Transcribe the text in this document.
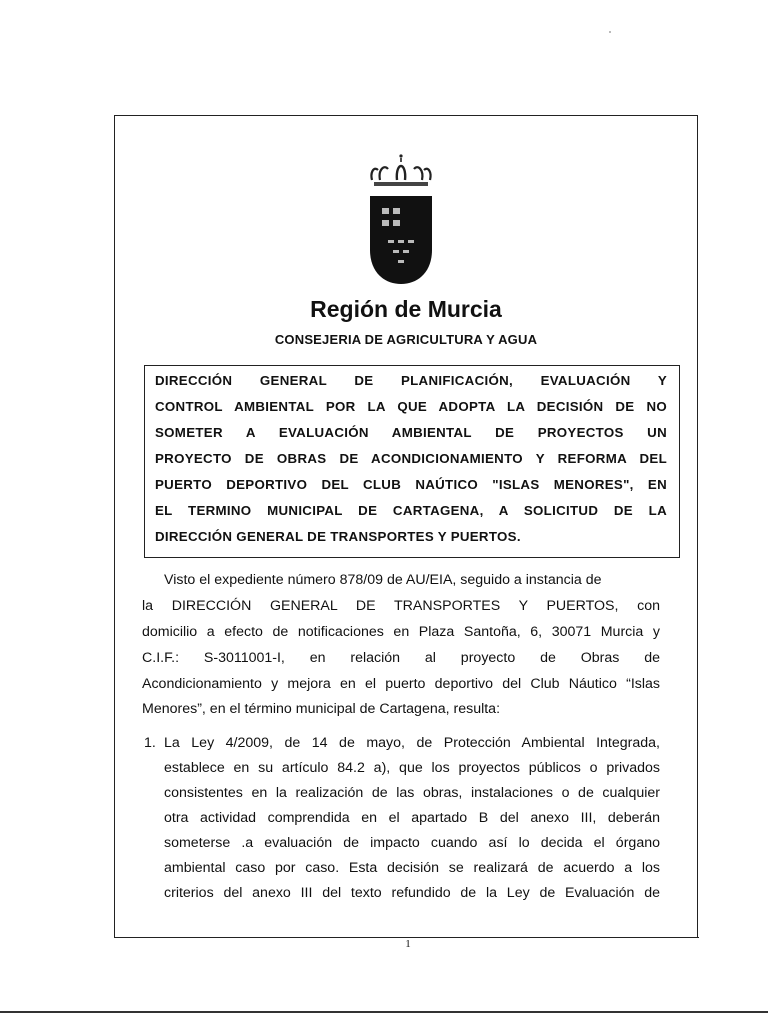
Región de Murcia
CONSEJERIA DE AGRICULTURA Y AGUA
DIRECCIÓN GENERAL DE PLANIFICACIÓN, EVALUACIÓN Y
CONTROL AMBIENTAL POR LA QUE ADOPTA LA DECISIÓN DE NO
SOMETER A EVALUACIÓN AMBIENTAL DE PROYECTOS UN
PROYECTO DE OBRAS DE ACONDICIONAMIENTO Y REFORMA DEL
PUERTO DEPORTIVO DEL CLUB NAÚTICO "ISLAS MENORES", EN
EL TERMINO MUNICIPAL DE CARTAGENA, A SOLICITUD DE LA
DIRECCIÓN GENERAL DE TRANSPORTES Y PUERTOS.
Visto el expediente número 878/09 de AU/EIA, seguido a instancia de
la DIRECCIÓN GENERAL DE TRANSPORTES Y PUERTOS, con
domicilio a efecto de notificaciones en Plaza Santoña, 6, 30071 Murcia y
C.I.F.: S-3011001-I, en relación al proyecto de Obras de
Acondicionamiento y mejora en el puerto deportivo del Club Náutico “Islas
Menores”, en el término municipal de Cartagena, resulta:
1. La Ley 4/2009, de 14 de mayo, de Protección Ambiental Integrada,
establece en su artículo 84.2 a), que los proyectos públicos o privados
consistentes en la realización de las obras, instalaciones o de cualquier
otra actividad comprendida en el apartado B del anexo III, deberán
someterse .a evaluación de impacto cuando así lo decida el órgano
ambiental caso por caso. Esta decisión se realizará de acuerdo a los
criterios del anexo III del texto refundido de la Ley de Evaluación de
1
